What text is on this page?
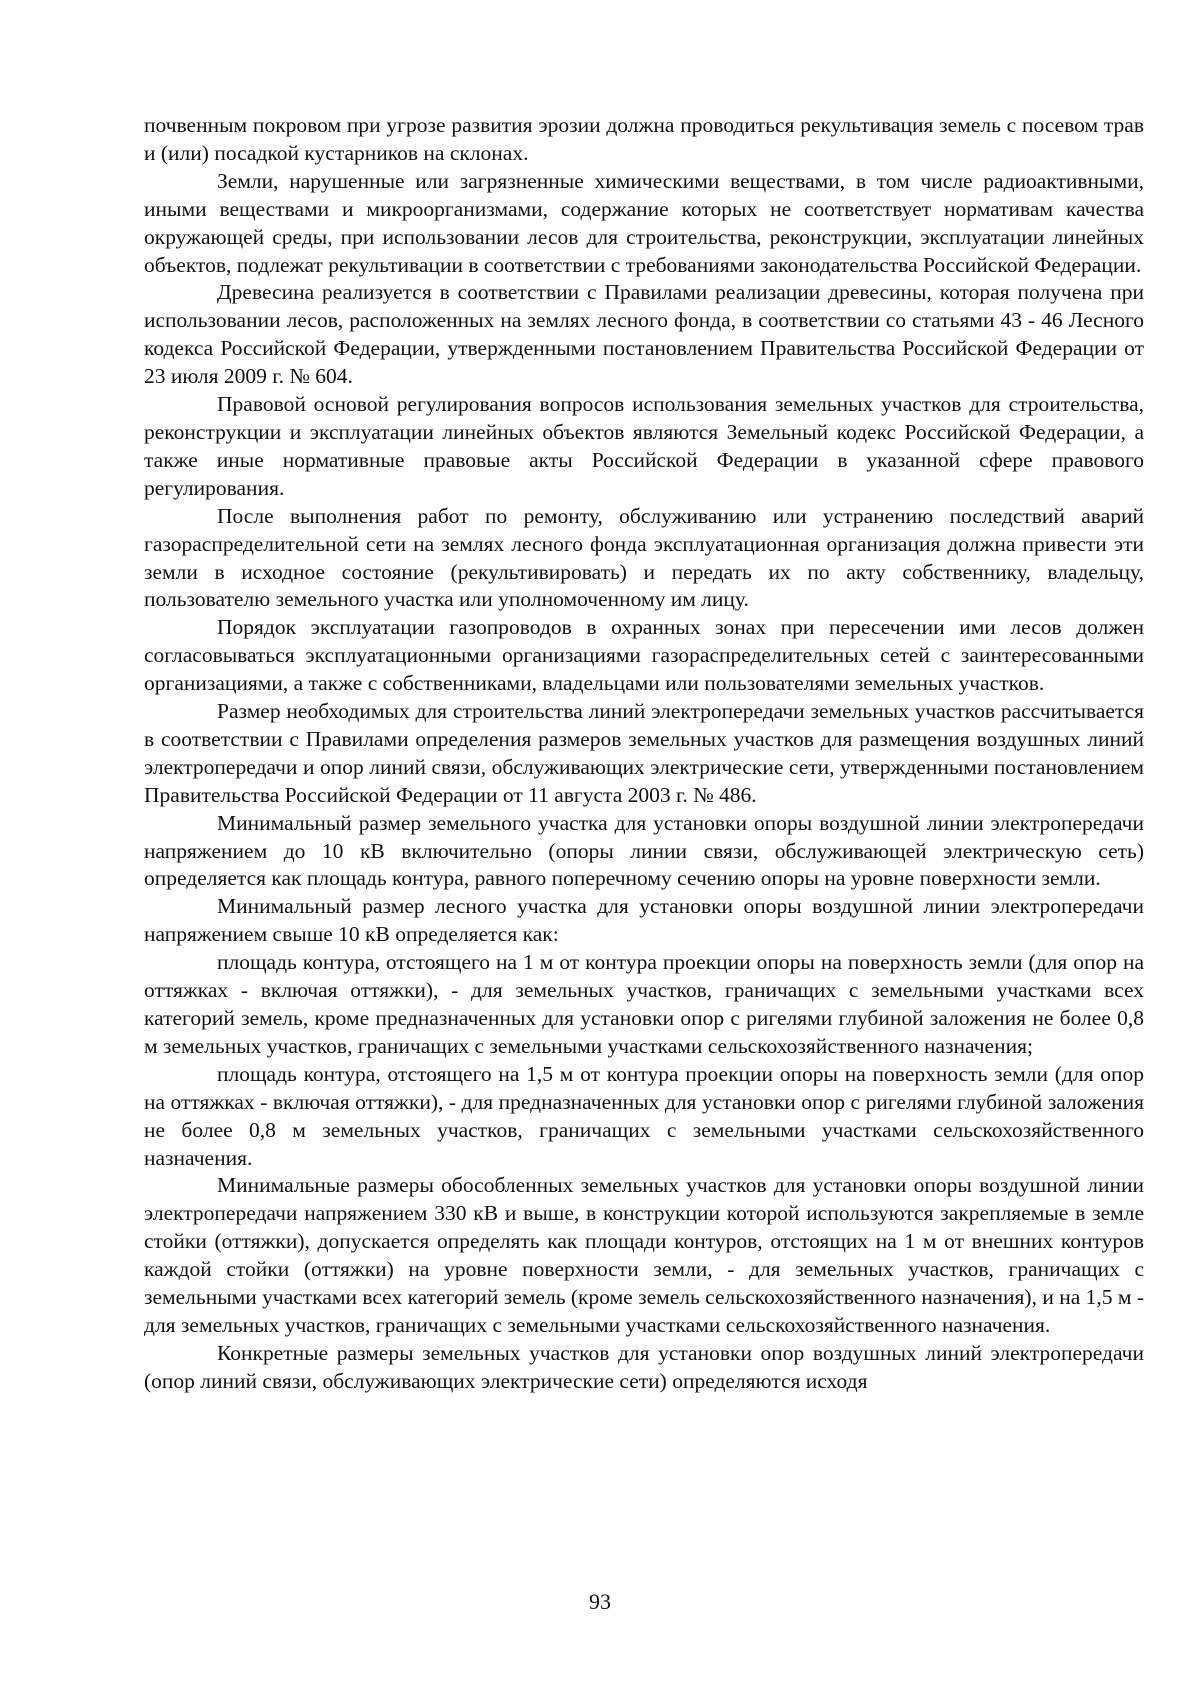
почвенным покровом при угрозе развития эрозии должна проводиться рекультивация земель с посевом трав и (или) посадкой кустарников на склонах.

Земли, нарушенные или загрязненные химическими веществами, в том числе радиоактивными, иными веществами и микроорганизмами, содержание которых не соответствует нормативам качества окружающей среды, при использовании лесов для строительства, реконструкции, эксплуатации линейных объектов, подлежат рекультивации в соответствии с требованиями законодательства Российской Федерации.

Древесина реализуется в соответствии с Правилами реализации древесины, которая получена при использовании лесов, расположенных на землях лесного фонда, в соответствии со статьями 43 - 46 Лесного кодекса Российской Федерации, утвержденными постановлением Правительства Российской Федерации от 23 июля 2009 г. № 604.

Правовой основой регулирования вопросов использования земельных участков для строительства, реконструкции и эксплуатации линейных объектов являются Земельный кодекс Российской Федерации, а также иные нормативные правовые акты Российской Федерации в указанной сфере правового регулирования.

После выполнения работ по ремонту, обслуживанию или устранению последствий аварий газораспределительной сети на землях лесного фонда эксплуатационная организация должна привести эти земли в исходное состояние (рекультивировать) и передать их по акту собственнику, владельцу, пользователю земельного участка или уполномоченному им лицу.

Порядок эксплуатации газопроводов в охранных зонах при пересечении ими лесов должен согласовываться эксплуатационными организациями газораспределительных сетей с заинтересованными организациями, а также с собственниками, владельцами или пользователями земельных участков.

Размер необходимых для строительства линий электропередачи земельных участков рассчитывается в соответствии с Правилами определения размеров земельных участков для размещения воздушных линий электропередачи и опор линий связи, обслуживающих электрические сети, утвержденными постановлением Правительства Российской Федерации от 11 августа 2003 г. № 486.

Минимальный размер земельного участка для установки опоры воздушной линии электропередачи напряжением до 10 кВ включительно (опоры линии связи, обслуживающей электрическую сеть) определяется как площадь контура, равного поперечному сечению опоры на уровне поверхности земли.

Минимальный размер лесного участка для установки опоры воздушной линии электропередачи напряжением свыше 10 кВ определяется как:

площадь контура, отстоящего на 1 м от контура проекции опоры на поверхность земли (для опор на оттяжках - включая оттяжки), - для земельных участков, граничащих с земельными участками всех категорий земель, кроме предназначенных для установки опор с ригелями глубиной заложения не более 0,8 м земельных участков, граничащих с земельными участками сельскохозяйственного назначения;

площадь контура, отстоящего на 1,5 м от контура проекции опоры на поверхность земли (для опор на оттяжках - включая оттяжки), - для предназначенных для установки опор с ригелями глубиной заложения не более 0,8 м земельных участков, граничащих с земельными участками сельскохозяйственного назначения.

Минимальные размеры обособленных земельных участков для установки опоры воздушной линии электропередачи напряжением 330 кВ и выше, в конструкции которой используются закрепляемые в земле стойки (оттяжки), допускается определять как площади контуров, отстоящих на 1 м от внешних контуров каждой стойки (оттяжки) на уровне поверхности земли, - для земельных участков, граничащих с земельными участками всех категорий земель (кроме земель сельскохозяйственного назначения), и на 1,5 м - для земельных участков, граничащих с земельными участками сельскохозяйственного назначения.

Конкретные размеры земельных участков для установки опор воздушных линий электропередачи (опор линий связи, обслуживающих электрические сети) определяются исходя

93
